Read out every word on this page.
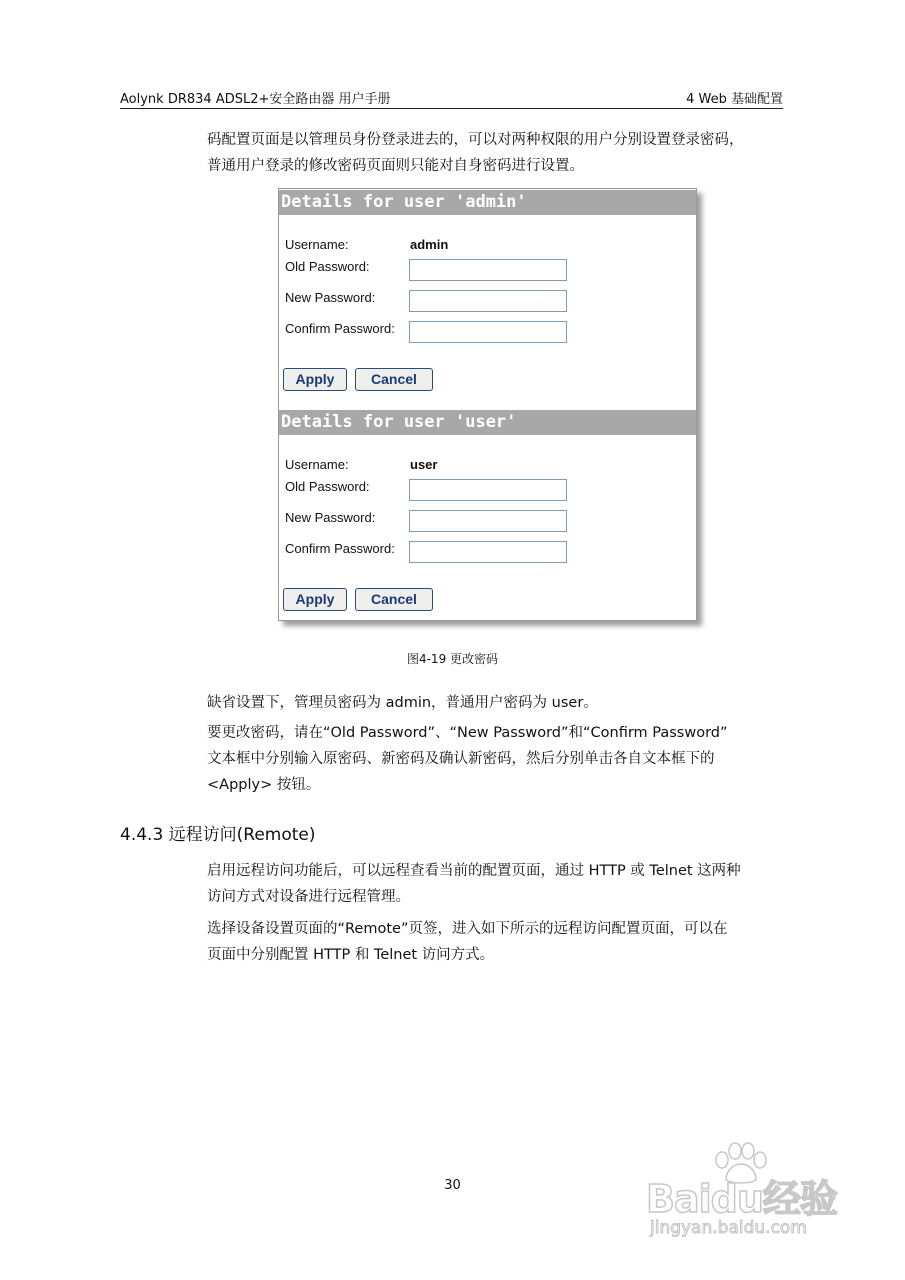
Aolynk DR834 ADSL2+安全路由器 用户手册	4 Web 基础配置
码配置页面是以管理员身份登录进去的，可以对两种权限的用户分别设置登录密码，
普通用户登录的修改密码页面则只能对自身密码进行设置。
Details for user 'admin'
Username:	admin
Old Password:
New Password:
Confirm Password:
Apply	Cancel
Details for user 'user'
Username:	user
Old Password:
New Password:
Confirm Password:
Apply	Cancel
图4-19 更改密码
缺省设置下，管理员密码为 admin，普通用户密码为 user。
要更改密码，请在“Old Password”、“New Password”和“Confirm Password”
文本框中分别输入原密码、新密码及确认新密码，然后分别单击各自文本框下的
<Apply> 按钮。
4.4.3 远程访问(Remote)
启用远程访问功能后，可以远程查看当前的配置页面，通过 HTTP 或 Telnet 这两种
访问方式对设备进行远程管理。
选择设备设置页面的“Remote”页签，进入如下所示的远程访问配置页面，可以在
页面中分别配置 HTTP 和 Telnet 访问方式。
30	Baidu经验
jingyan.baidu.com
